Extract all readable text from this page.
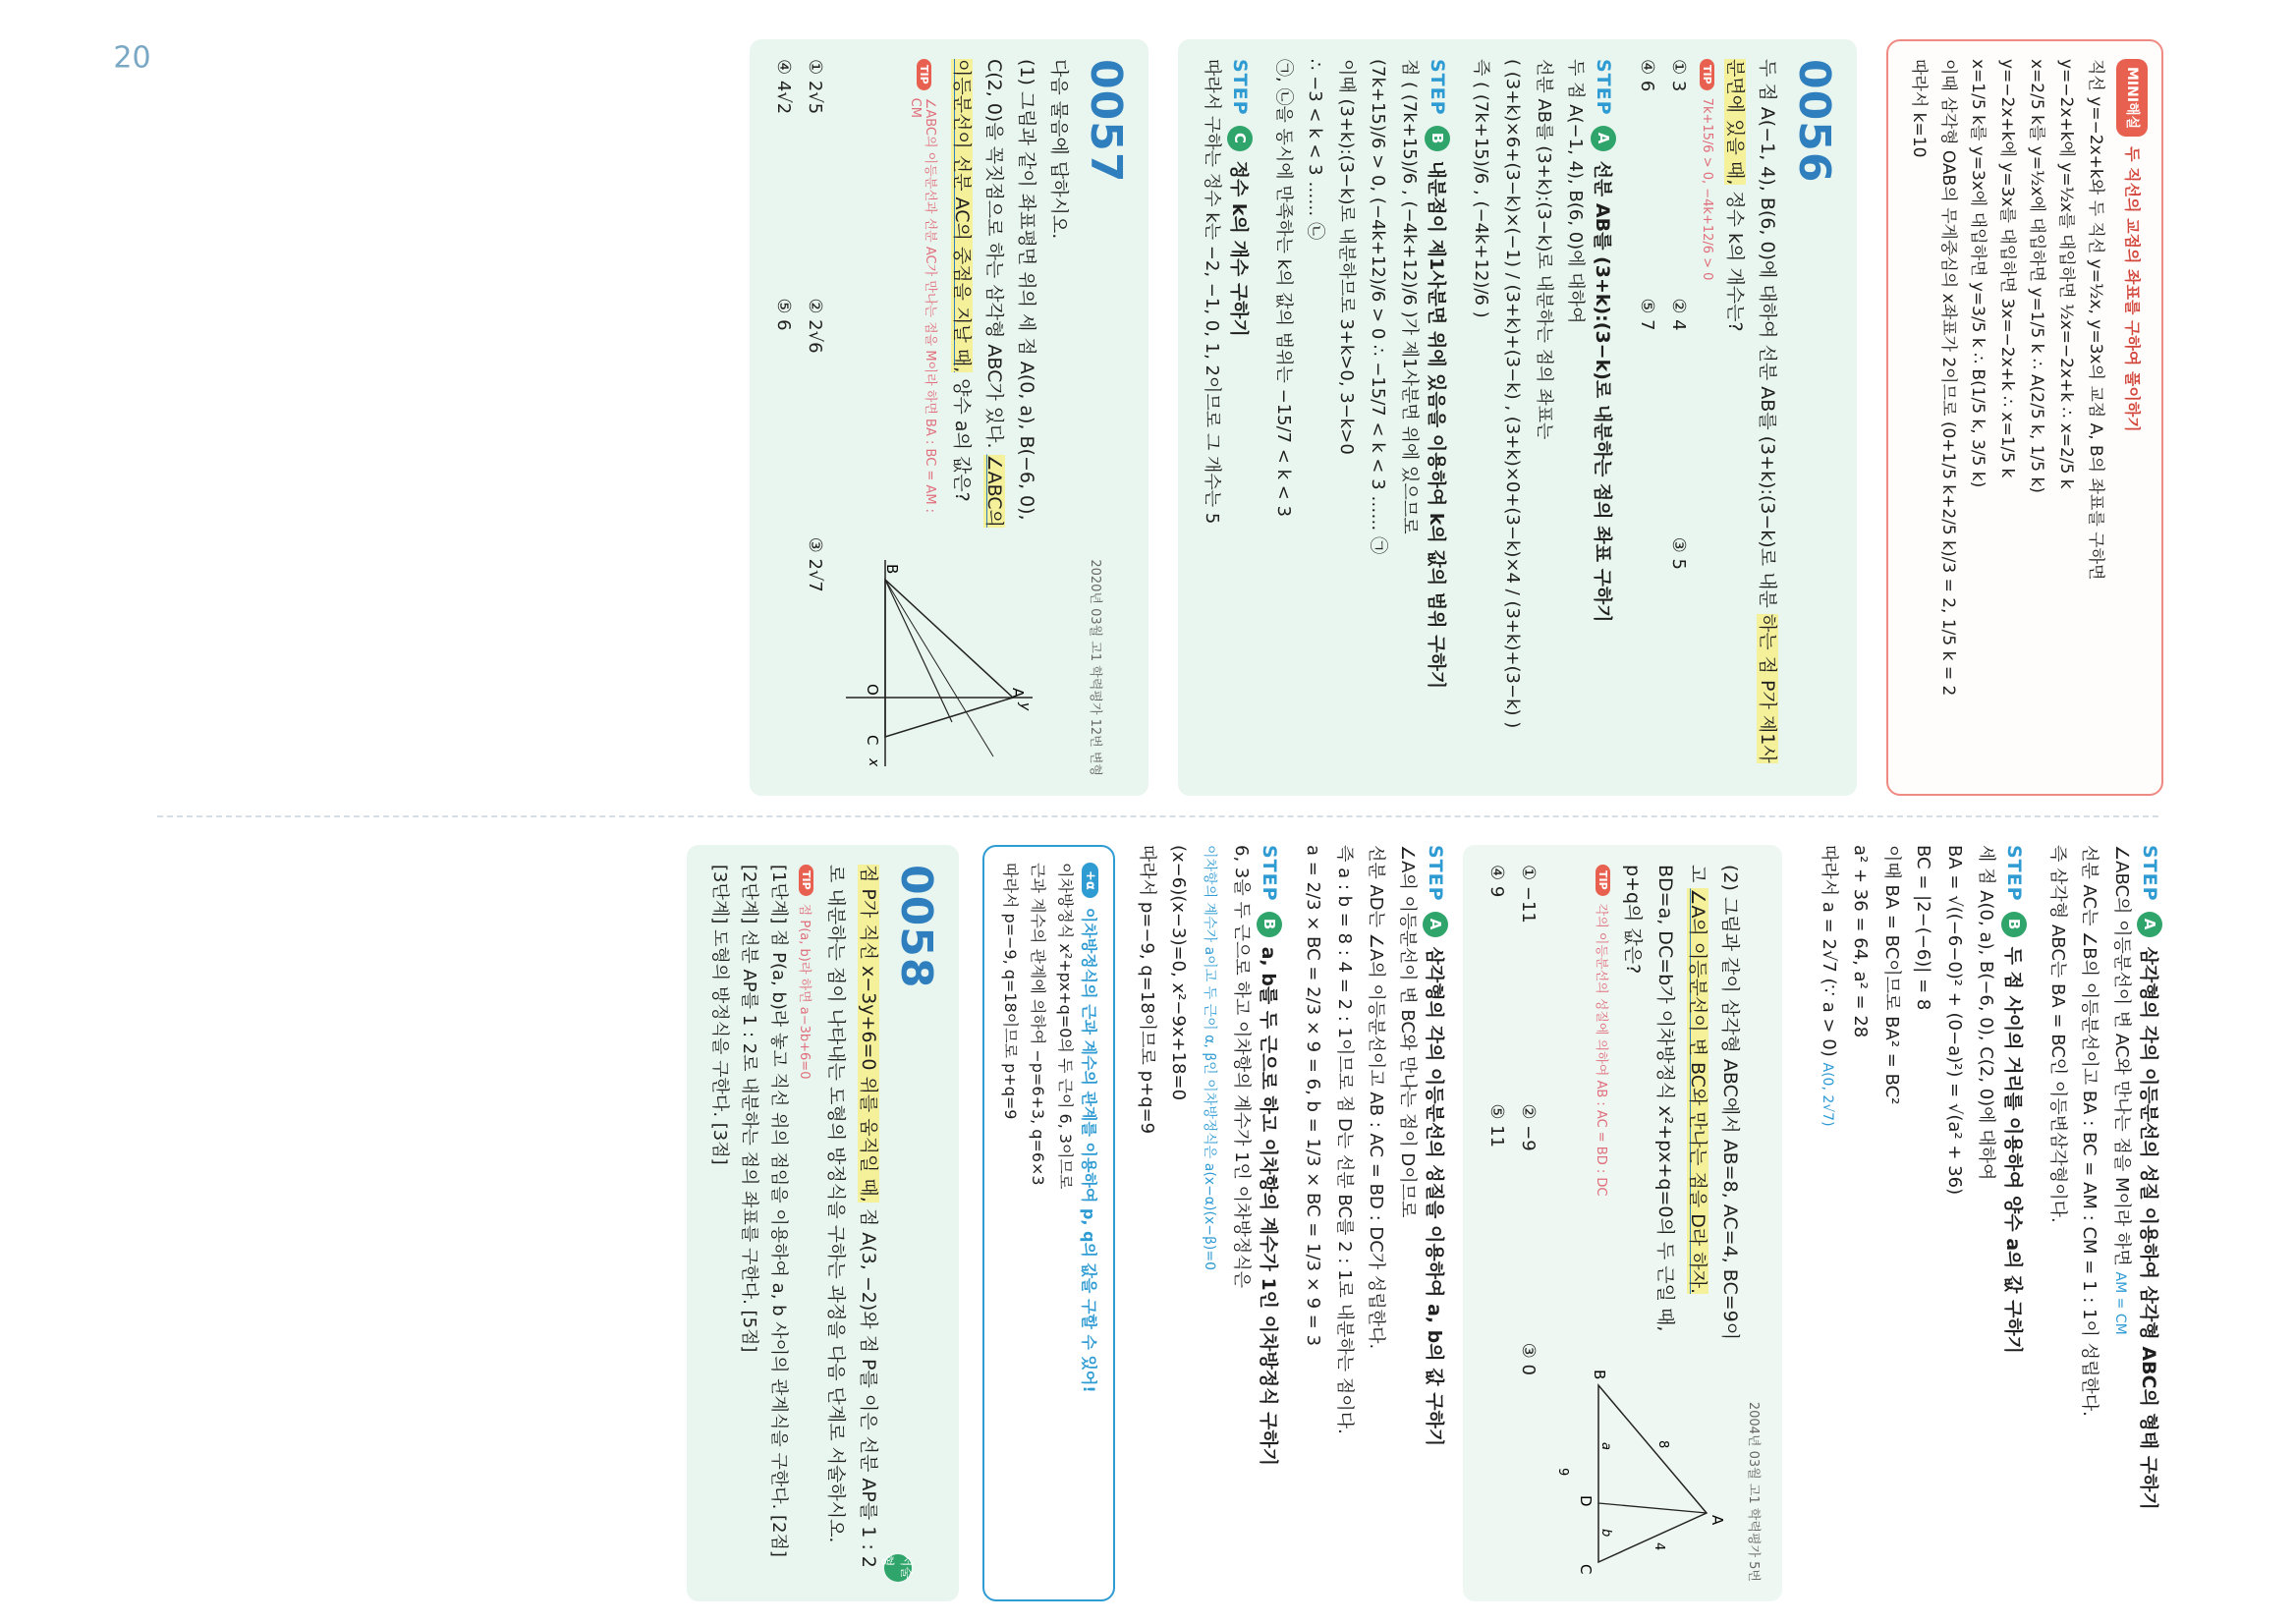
MINI해설
두 직선의 교점의 좌표를 구하여 풀이하기
직선 y=−2x+k와 두 직선 y=½x, y=3x의 교점 A, B의 좌표를 구하면
y=−2x+k에 y=½x를 대입하면 ½x=−2x+k ∴ x=2/5 k
x=2/5 k를 y=½x에 대입하면 y=1/5 k ∴ A(2/5 k, 1/5 k)
y=−2x+k에 y=3x를 대입하면 3x=−2x+k ∴ x=1/5 k
x=1/5 k를 y=3x에 대입하면 y=3/5 k ∴ B(1/5 k, 3/5 k)
이때 삼각형 OAB의 무게중심의 x좌표가 2이므로 (0+1/5 k+2/5 k)/3 = 2, 1/5 k = 2
따라서 k=10
0056
두 점 A(−1, 4), B(6, 0)에 대하여 선분 AB를 (3+k):(3−k)로 내분 하는 점 P가 제1사분면에 있을 때, 정수 k의 개수는?
TIP
7k+15/6 > 0, −4k+12/6 > 0
① 3
② 4
③ 5
④ 6
⑤ 7
STEP
A
선분 AB를 (3+k):(3−k)로 내분하는 점의 좌표 구하기
두 점 A(−1, 4), B(6, 0)에 대하여
선분 AB를 (3+k):(3−k)로 내분하는 점의 좌표는
( (3+k)×6+(3−k)×(−1) / (3+k)+(3−k) , (3+k)×0+(3−k)×4 / (3+k)+(3−k) )
즉 ( (7k+15)/6 , (−4k+12)/6 )
STEP
B
내분점이 제1사분면 위에 있음을 이용하여 k의 값의 범위 구하기
점 ( (7k+15)/6 , (−4k+12)/6 )가 제1사분면 위에 있으므로
(7k+15)/6 > 0, (−4k+12)/6 > 0 ∴ −15/7 < k < 3 …… ㉠
이때 (3+k):(3−k)로 내분하므로 3+k>0, 3−k>0
∴ −3 < k < 3 …… ㉡
㉠, ㉡을 동시에 만족하는 k의 값의 범위는 −15/7 < k < 3
STEP
C
정수 k의 개수 구하기
따라서 구하는 정수 k는 −2, −1, 0, 1, 2이므로 그 개수는 5
0057
2020년 03월 고1 학력평가 12번 변형
다음 물음에 답하시오.
(1) 그림과 같이 좌표평면 위의 세 점 A(0, a), B(−6, 0), C(2, 0)을 꼭짓점으로 하는 삼각형 ABC가 있다. ∠ABC의 이등분선이 선분 AC의 중점을 지날 때, 양수 a의 값은?
TIP
∠ABC의 이등분선과 선분 AC가 만나는 점을 M이라 하면 BA : BC = AM : CM
y
x
A
B
C
O
① 2√5
② 2√6
③ 2√7
④ 4√2
⑤ 6
STEP
A
삼각형의 각의 이등분선의 성질 이용하여 삼각형 ABC의 형태 구하기
∠ABC의 이등분선이 변 AC와 만나는 점을 M이라 하면 AM = CM
선분 AC는 ∠B의 이등분선이고 BA : BC = AM : CM = 1 : 1이 성립한다.
즉 삼각형 ABC는 BA = BC인 이등변삼각형이다.
STEP
B
두 점 사이의 거리를 이용하여 양수 a의 값 구하기
세 점 A(0, a), B(−6, 0), C(2, 0)에 대하여
BA = √((−6−0)² + (0−a)²) = √(a² + 36)
BC = |2−(−6)| = 8
이때 BA = BC이므로 BA² = BC²
a² + 36 = 64, a² = 28
따라서 a = 2√7 (∵ a > 0) A(0, 2√7)
2004년 03월 고1 학력평가 5번
(2) 그림과 같이 삼각형 ABC에서 AB=8, AC=4, BC=9이고 ∠A의 이등분선이 변 BC와 만나는 점을 D라 하자. BD=a, DC=b가 이차방정식 x²+px+q=0의 두 근일 때, p+q의 값은?
TIP
각의 이등분선의 성질에 의하여 AB : AC = BD : DC
A
B
C
D
8
4
9
a
b
① −11
② −9
③ 0
④ 9
⑤ 11
STEP
A
삼각형의 각의 이등분선의 성질을 이용하여 a, b의 값 구하기
∠A의 이등분선이 변 BC와 만나는 점이 D이므로
선분 AD는 ∠A의 이등분선이고 AB : AC = BD : DC가 성립한다.
즉 a : b = 8 : 4 = 2 : 1이므로 점 D는 선분 BC를 2 : 1로 내분하는 점이다.
a = 2/3 × BC = 2/3 × 9 = 6, b = 1/3 × BC = 1/3 × 9 = 3
STEP
B
a, b를 두 근으로 하고 이차항의 계수가 1인 이차방정식 구하기
6, 3을 두 근으로 하고 이차항의 계수가 1인 이차방정식은
이차항의 계수가 a이고 두 근이 α, β인 이차방정식은 a(x−α)(x−β)=0
(x−6)(x−3)=0, x²−9x+18=0
따라서 p=−9, q=18이므로 p+q=9
+α
이차방정식의 근과 계수의 관계를 이용하여 p, q의 값을 구할 수 있어!
이차방정식 x²+px+q=0의 두 근이 6, 3이므로
근과 계수의 관계에 의하여 −p=6+3, q=6×3
따라서 p=−9, q=18이므로 p+q=9
0058
서술형
점 P가 직선 x−3y+6=0 위를 움직일 때, 점 A(3, −2)와 점 P를 이은 선분 AP를 1 : 2로 내분하는 점이 나타내는 도형의 방정식을 구하는 과정을 다음 단계로 서술하시오.
TIP
점 P(a, b)라 하면 a−3b+6=0
[1단계] 점 P(a, b)라 놓고 직선 위의 점임을 이용하여 a, b 사이의 관계식을 구한다. [2점]
[2단계] 선분 AP를 1 : 2로 내분하는 점의 좌표를 구한다. [5점]
[3단계] 도형의 방정식을 구한다. [3점]
20
